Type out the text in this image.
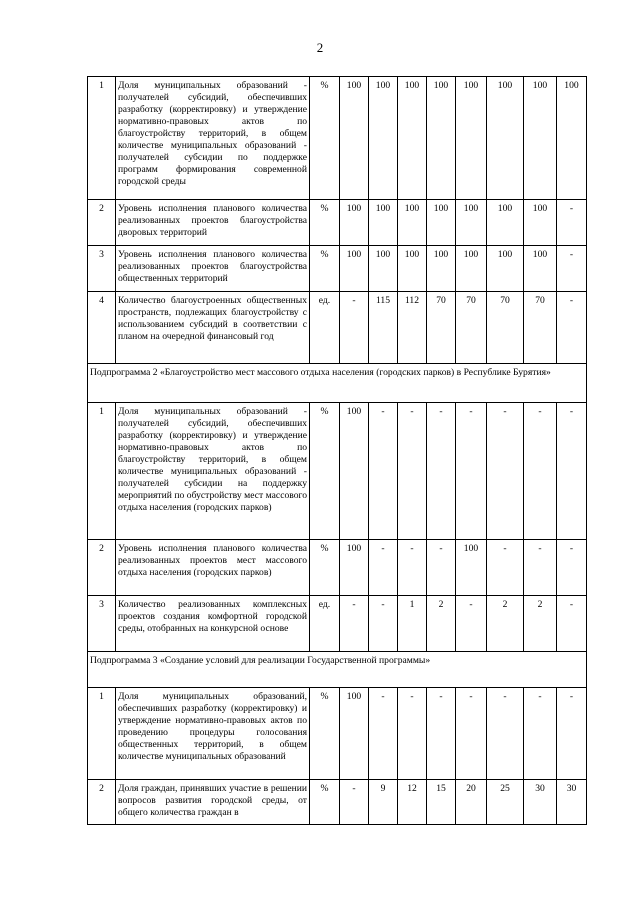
2
1	Доля муниципальных образований - получателей субсидий, обеспечивших разработку (корректировку) и утверждение нормативно-правовых актов по благоустройству территорий, в общем количестве муниципальных образований - получателей субсидии по поддержке программ формирования современной городской среды	%	100	100	100	100	100	100	100	100
2	Уровень исполнения планового количества реализованных проектов благоустройства дворовых территорий	%	100	100	100	100	100	100	100	-
3	Уровень исполнения планового количества реализованных проектов благоустройства общественных территорий	%	100	100	100	100	100	100	100	-
4	Количество благоустроенных общественных пространств, подлежащих благоустройству с использованием субсидий в соответствии с планом на очередной финансовый год	ед.	-	115	112	70	70	70	70	-
Подпрограмма 2 «Благоустройство мест массового отдыха населения (городских парков) в Республике Бурятия»										
1	Доля муниципальных образований - получателей субсидий, обеспечивших разработку (корректировку) и утверждение нормативно-правовых актов по благоустройству территорий, в общем количестве муниципальных образований - получателей субсидии на поддержку мероприятий по обустройству мест массового отдыха населения (городских парков)	%	100	-	-	-	-	-	-	-
2	Уровень исполнения планового количества реализованных проектов мест массового отдыха населения (городских парков)	%	100	-	-	-	100	-	-	-
3	Количество реализованных комплексных проектов создания комфортной городской среды, отобранных на конкурсной основе	ед.	-	-	1	2	-	2	2	-
Подпрограмма 3 «Создание условий для реализации Государственной программы»										
1	Доля муниципальных образований, обеспечивших разработку (корректировку) и утверждение нормативно-правовых актов по проведению процедуры голосования общественных территорий, в общем количестве муниципальных образований	%	100	-	-	-	-	-	-	-
2	Доля граждан, принявших участие в решении вопросов развития городской среды, от общего количества граждан в	%	-	9	12	15	20	25	30	30
